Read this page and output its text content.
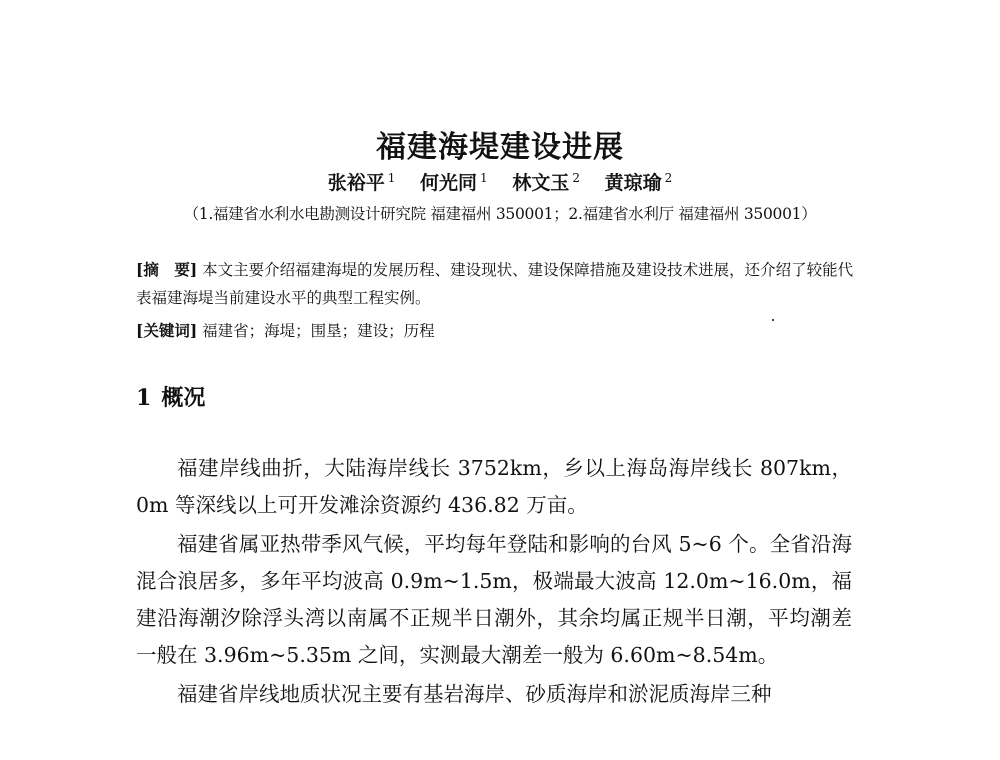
福建海堤建设进展
张裕平 $^1$ 何光同 $^1$ 林文玉 $^2$ 黄琼瑜 $^2$
（1.福建省水利水电勘测设计研究院 福建福州 350001；2.福建省水利厅 福建福州 350001）
[摘　要] 本文主要介绍福建海堤的发展历程、建设现状、建设保障措施及建设技术进展，还介绍了较能代表福建海堤当前建设水平的典型工程实例。
[关键词] 福建省；海堤；围垦；建设；历程
1 概况

福建岸线曲折，大陆海岸线长 3752km，乡以上海岛海岸线长 807km，0m 等深线以上可开发滩涂资源约 436.82 万亩。

福建省属亚热带季风气候，平均每年登陆和影响的台风 5~6 个。全省沿海混合浪居多，多年平均波高 0.9m~1.5m，极端最大波高 12.0m~16.0m，福建沿海潮汐除浮头湾以南属不正规半日潮外，其余均属正规半日潮，平均潮差一般在 3.96m~5.35m 之间，实测最大潮差一般为 6.60m~8.54m。

福建省岸线地质状况主要有基岩海岸、砂质海岸和淤泥质海岸三种
